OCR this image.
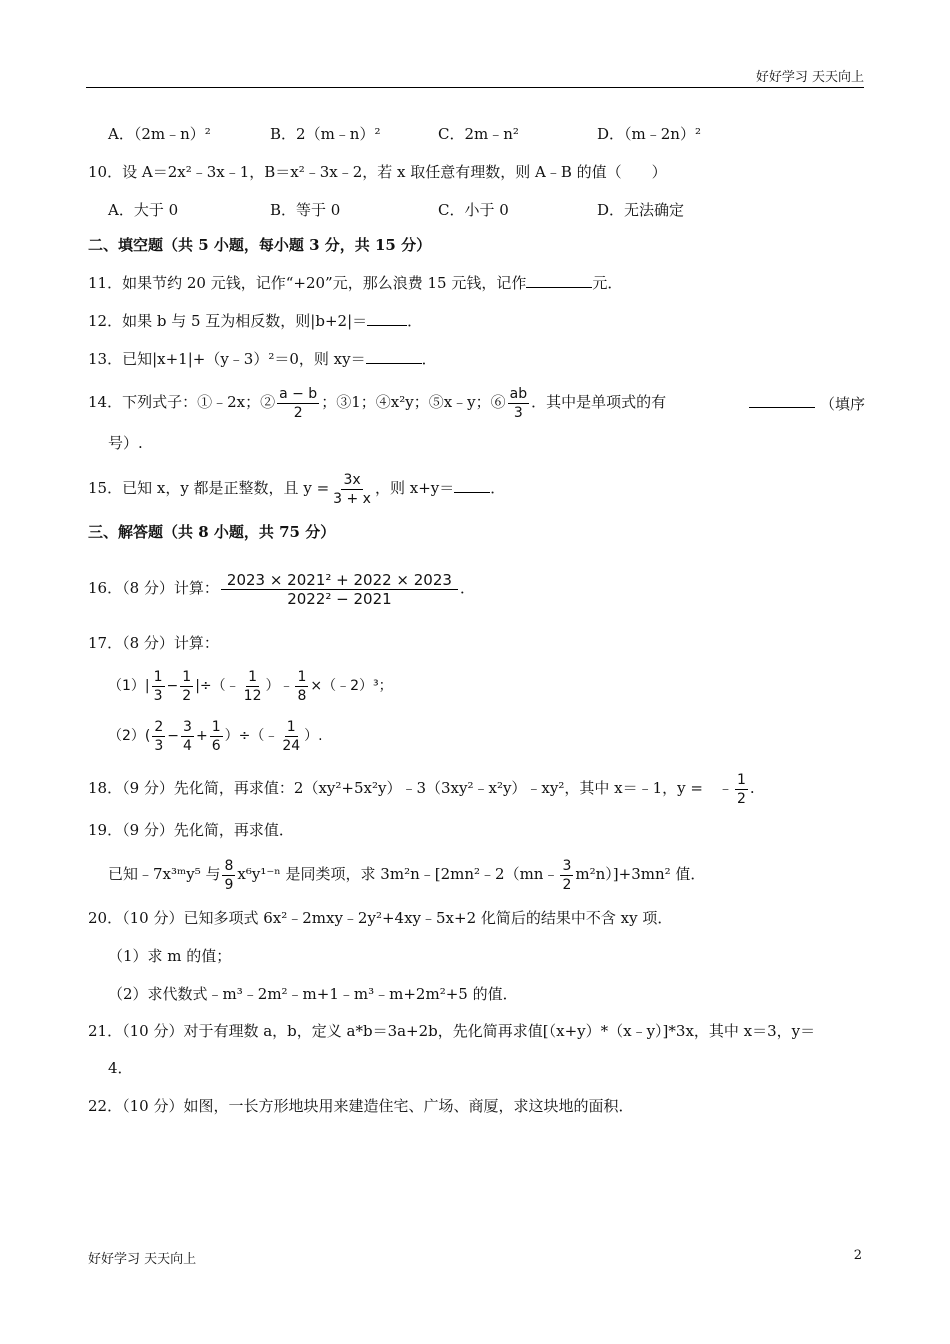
好好学习 天天向上
A．（2m﹣n）²	B．2（m﹣n）²	C．2m﹣n²	D．（m﹣2n）²
10．设 A＝2x²﹣3x﹣1，B＝x²﹣3x﹣2，若 x 取任意有理数，则 A﹣B 的值（　　）
A．大于 0	B．等于 0	C．小于 0	D．无法确定
二、填空题（共 5 小题，每小题 3 分，共 15 分）
11．如果节约 20 元钱，记作“+20”元，那么浪费 15 元钱，记作	元．
12．如果 b 与 5 互为相反数，则|b+2|＝	．
13．已知|x+1|+（y﹣3）²＝0，则 xy＝	．
14．下列式子：①﹣2x；② $\frac{a - b}{2}$ ；③1；④x²y；⑤x﹣y；⑥ $\frac{ab}{3}$ ．其中是单项式的有	（填序
号）.
15．已知 x，y 都是正整数，且 $y = \frac{3x}{3 + x}$ ，则 x+y＝ ．
三、解答题（共 8 小题，共 75 分）
16．（8 分）计算： $\frac{\text{2023 × 2021² + 2022 × 2023}}{\text{2022² − 2021}}$ ．
17．（8 分）计算：
$(1)| \frac{1}{3} - \frac{1}{2}$ |÷（﹣ $\frac{1}{12}$ ）﹣ $\frac{1}{8}$ ×（﹣2）³；
$(2)( \frac{2}{3} - \frac{3}{4} + \frac{1}{6}$ ）÷（﹣ $\frac{1}{24}$ ）.
18．（9 分）先化简，再求值：2（xy²+5x²y）﹣3（3xy²﹣x²y）﹣xy²，其中 x＝﹣1，y =　﹣ $\frac{1}{2}$ .
19．（9 分）先化简，再求值．
已知﹣7x³ᵐy⁵ 与 $\frac{8}{9} x^6y^{1-n}$ 是同类项，求 3m²n﹣[2mn²﹣2（mn﹣ $\frac{3}{2} m^2n)]+3mn^2$ 值．
20．（10 分）已知多项式 6x²﹣2mxy﹣2y²+4xy﹣5x+2 化简后的结果中不含 xy 项．
（1）求 m 的值；
（2）求代数式﹣m³﹣2m²﹣m+1﹣m³﹣m+2m²+5 的值．
21．（10 分）对于有理数 a，b，定义 a*b＝3a+2b，先化简再求值[（x+y）*（x﹣y）]*3x，其中 x＝3，y＝
4．
22．（10 分）如图，一长方形地块用来建造住宅、广场、商厦，求这块地的面积．
好好学习 天天向上	2
